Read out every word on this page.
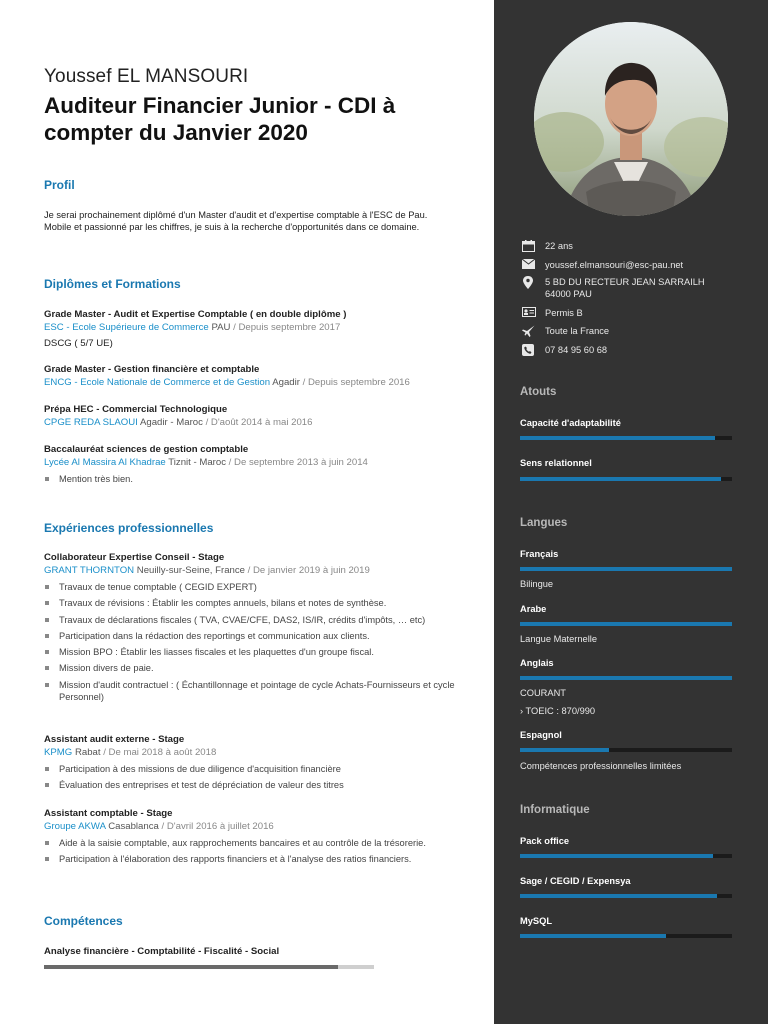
Youssef EL MANSOURI
Auditeur Financier Junior - CDI à compter du Janvier 2020
Profil
Je serai prochainement diplômé d'un Master d'audit et d'expertise comptable à l'ESC de Pau. Mobile et passionné par les chiffres, je suis à la recherche d'opportunités dans ce domaine.
Diplômes et Formations
Grade Master - Audit et Expertise Comptable ( en double diplôme )
ESC - Ecole Supérieure de Commerce PAU / Depuis septembre 2017
DSCG ( 5/7 UE)
Grade Master - Gestion financière et comptable
ENCG - Ecole Nationale de Commerce et de Gestion Agadir / Depuis septembre 2016
Prépa HEC - Commercial Technologique
CPGE REDA SLAOUI Agadir - Maroc / D'août 2014 à mai 2016
Baccalauréat sciences de gestion comptable
Lycée Al Massira Al Khadrae Tiznit - Maroc / De septembre 2013 à juin 2014
Mention très bien.
Expériences professionnelles
Collaborateur Expertise Conseil - Stage
GRANT THORNTON Neuilly-sur-Seine, France / De janvier 2019 à juin 2019
Travaux de tenue comptable ( CEGID EXPERT)
Travaux de révisions : Établir les comptes annuels, bilans et notes de synthèse.
Travaux de déclarations fiscales ( TVA, CVAE/CFE, DAS2, IS/IR, crédits d'impôts, … etc)
Participation dans la rédaction des reportings et communication aux clients.
Mission BPO : Établir les liasses fiscales et les plaquettes d'un groupe fiscal.
Mission divers de paie.
Mission d'audit contractuel : ( Échantillonnage et pointage de cycle Achats-Fournisseurs et cycle Personnel)
Assistant audit externe - Stage
KPMG Rabat / De mai 2018 à août 2018
Participation à des missions de due diligence d'acquisition financière
Évaluation des entreprises et test de dépréciation de valeur des titres
Assistant comptable - Stage
Groupe AKWA Casablanca / D'avril 2016 à juillet 2016
Aide à la saisie comptable, aux rapprochements bancaires et au contrôle de la trésorerie.
Participation à l'élaboration des rapports financiers et à l'analyse des ratios financiers.
Compétences
Analyse financière - Comptabilité - Fiscalité - Social
22 ans
youssef.elmansouri@esc-pau.net
5 BD DU RECTEUR JEAN SARRAILH
64000 PAU
Permis B
Toute la France
07 84 95 60 68
Atouts
Capacité d'adaptabilité
Sens relationnel
Langues
Français
Bilingue
Arabe
Langue Maternelle
Anglais
COURANT
› TOEIC : 870/990
Espagnol
Compétences professionnelles limitées
Informatique
Pack office
Sage / CEGID / Expensya
MySQL
